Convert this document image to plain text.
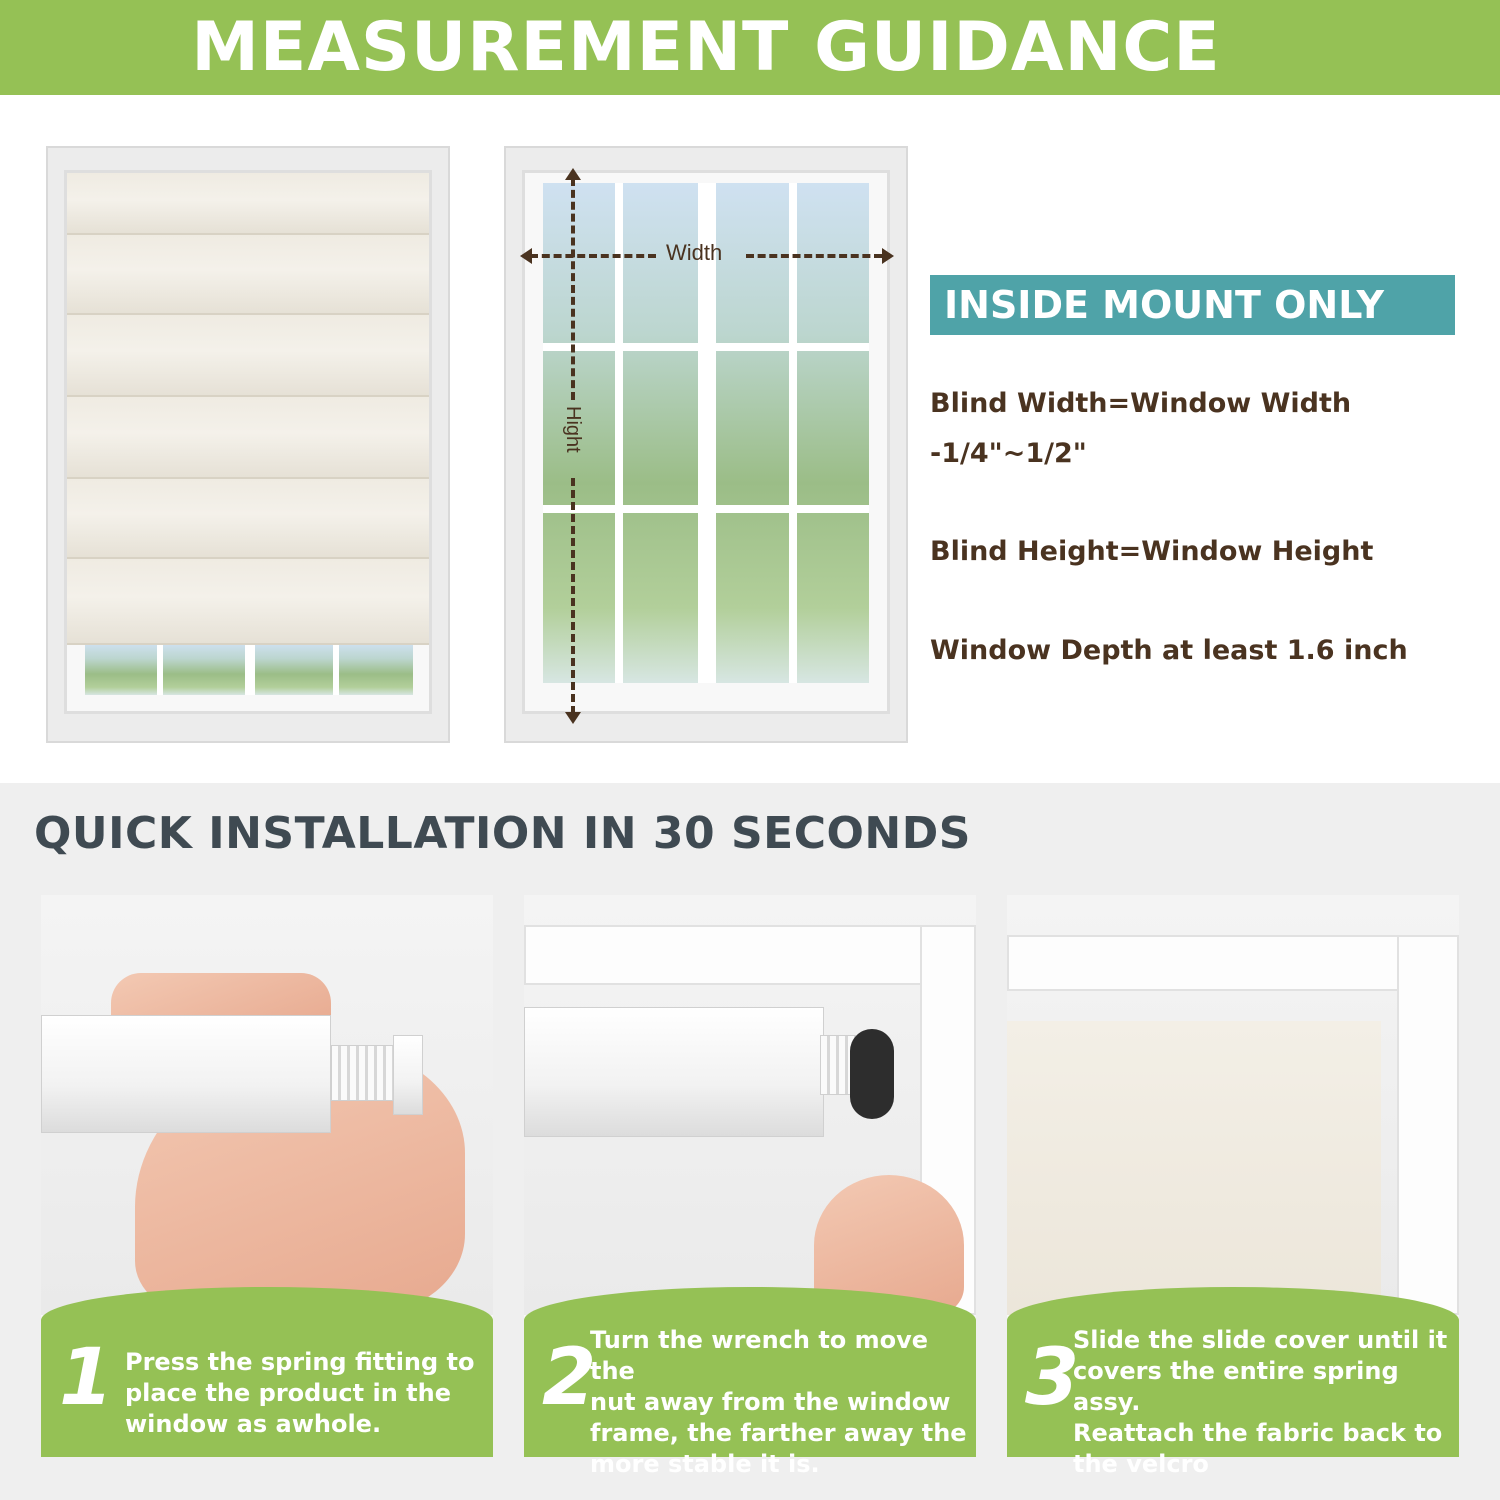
MEASUREMENT GUIDANCE
Width
Hight
INSIDE MOUNT ONLY
Blind Width=Window Width
-1/4"~1/2"
Blind Height=Window Height
Window Depth at least 1.6 inch
QUICK INSTALLATION IN 30 SECONDS
1 Press the spring fitting to
place the product in the
window as awhole.
2
Turn the wrench to move the
nut away from the window
frame, the farther away the
more stable it is.
3
Slide the slide cover until it
covers the entire spring assy.
Reattach the fabric back to
the velcro
